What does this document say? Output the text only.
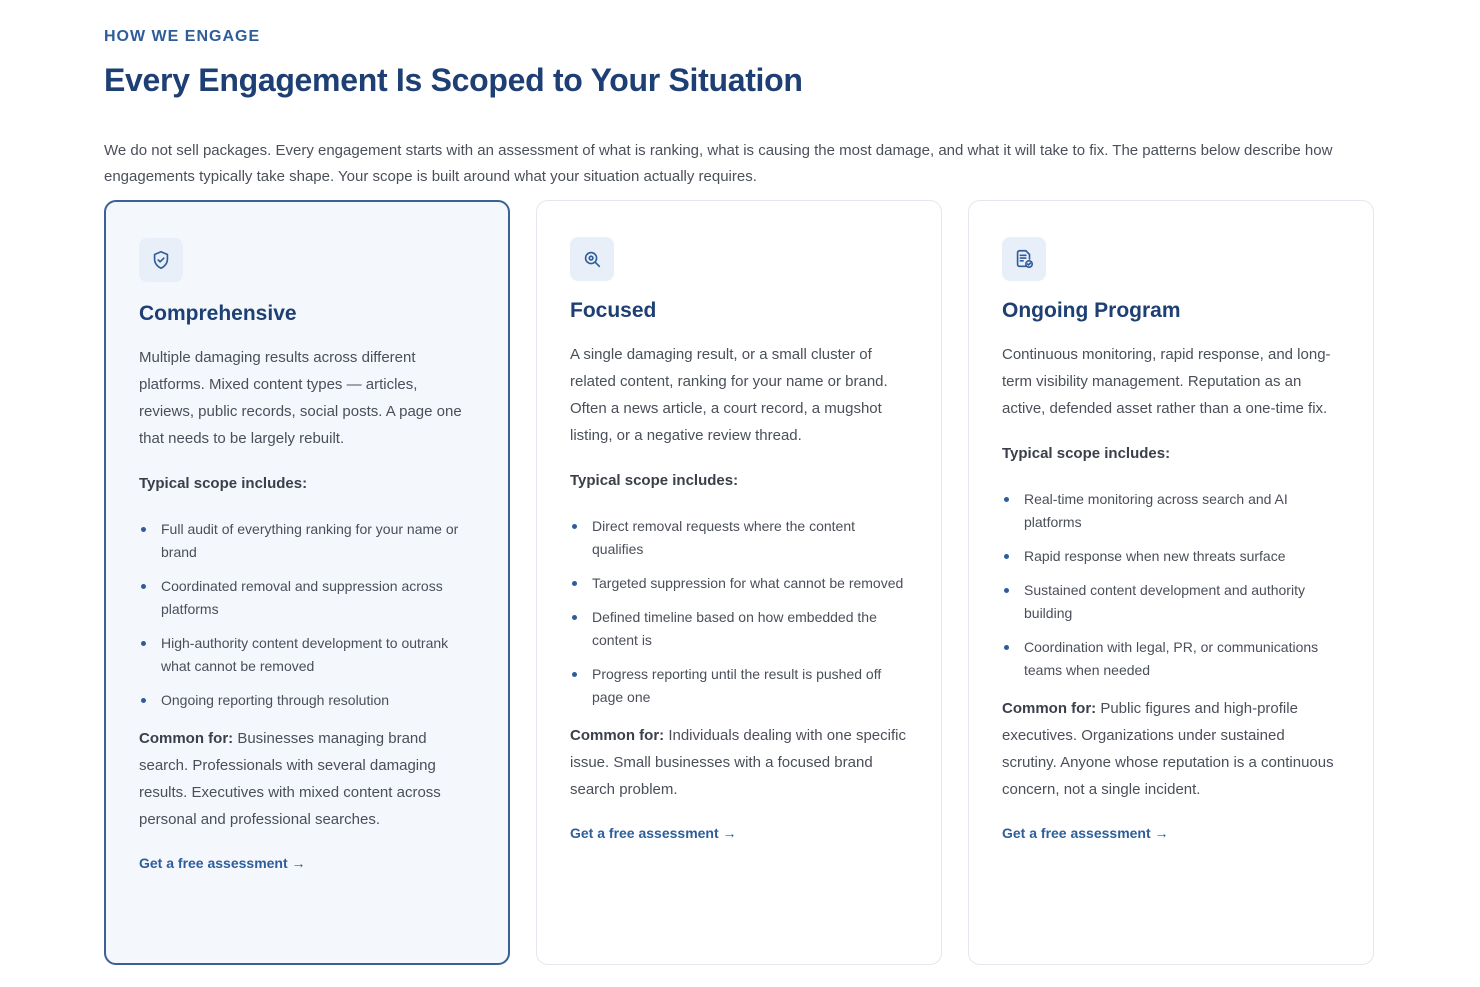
HOW WE ENGAGE
Every Engagement Is Scoped to Your Situation

We do not sell packages. Every engagement starts with an assessment of what is ranking, what is causing the most damage, and what it will take to fix. The patterns below describe how engagements typically take shape. Your scope is built around what your situation actually requires.

Comprehensive

Multiple damaging results across different platforms. Mixed content types — articles, reviews, public records, social posts. A page one that needs to be largely rebuilt.

Typical scope includes:
Full audit of everything ranking for your name or brand
Coordinated removal and suppression across platforms
High-authority content development to outrank what cannot be removed
Ongoing reporting through resolution

Common for: Businesses managing brand search. Professionals with several damaging results. Executives with mixed content across personal and professional searches.

Get a free assessment →
Focused

A single damaging result, or a small cluster of related content, ranking for your name or brand. Often a news article, a court record, a mugshot listing, or a negative review thread.

Typical scope includes:
Direct removal requests where the content qualifies
Targeted suppression for what cannot be removed
Defined timeline based on how embedded the content is
Progress reporting until the result is pushed off page one

Common for: Individuals dealing with one specific issue. Small businesses with a focused brand search problem.

Get a free assessment →
Ongoing Program

Continuous monitoring, rapid response, and long-term visibility management. Reputation as an active, defended asset rather than a one-time fix.

Typical scope includes:
Real-time monitoring across search and AI platforms
Rapid response when new threats surface
Sustained content development and authority building
Coordination with legal, PR, or communications teams when needed

Common for: Public figures and high-profile executives. Organizations under sustained scrutiny. Anyone whose reputation is a continuous concern, not a single incident.

Get a free assessment →
